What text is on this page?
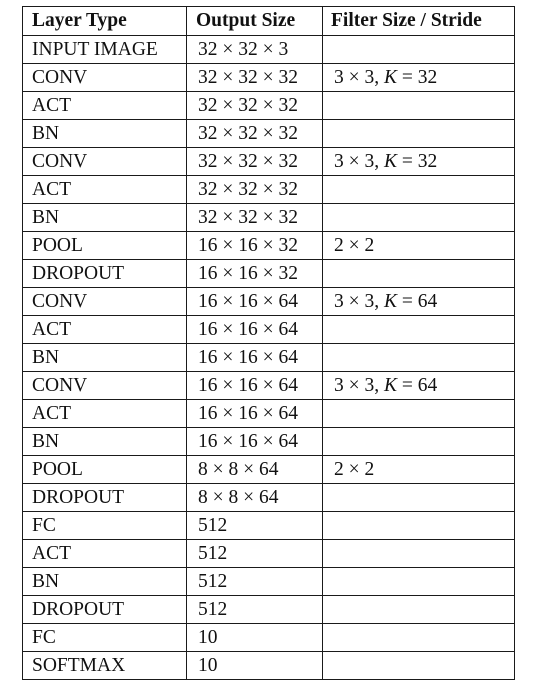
Layer Type	Output Size	Filter Size / Stride
INPUT IMAGE	32 × 32 × 3	
CONV	32 × 32 × 32	3 × 3, K = 32
ACT	32 × 32 × 32	
BN	32 × 32 × 32	
CONV	32 × 32 × 32	3 × 3, K = 32
ACT	32 × 32 × 32	
BN	32 × 32 × 32	
POOL	16 × 16 × 32	2 × 2
DROPOUT	16 × 16 × 32	
CONV	16 × 16 × 64	3 × 3, K = 64
ACT	16 × 16 × 64	
BN	16 × 16 × 64	
CONV	16 × 16 × 64	3 × 3, K = 64
ACT	16 × 16 × 64	
BN	16 × 16 × 64	
POOL	8 × 8 × 64	2 × 2
DROPOUT	8 × 8 × 64	
FC	512	
ACT	512	
BN	512	
DROPOUT	512	
FC	10	
SOFTMAX	10	
